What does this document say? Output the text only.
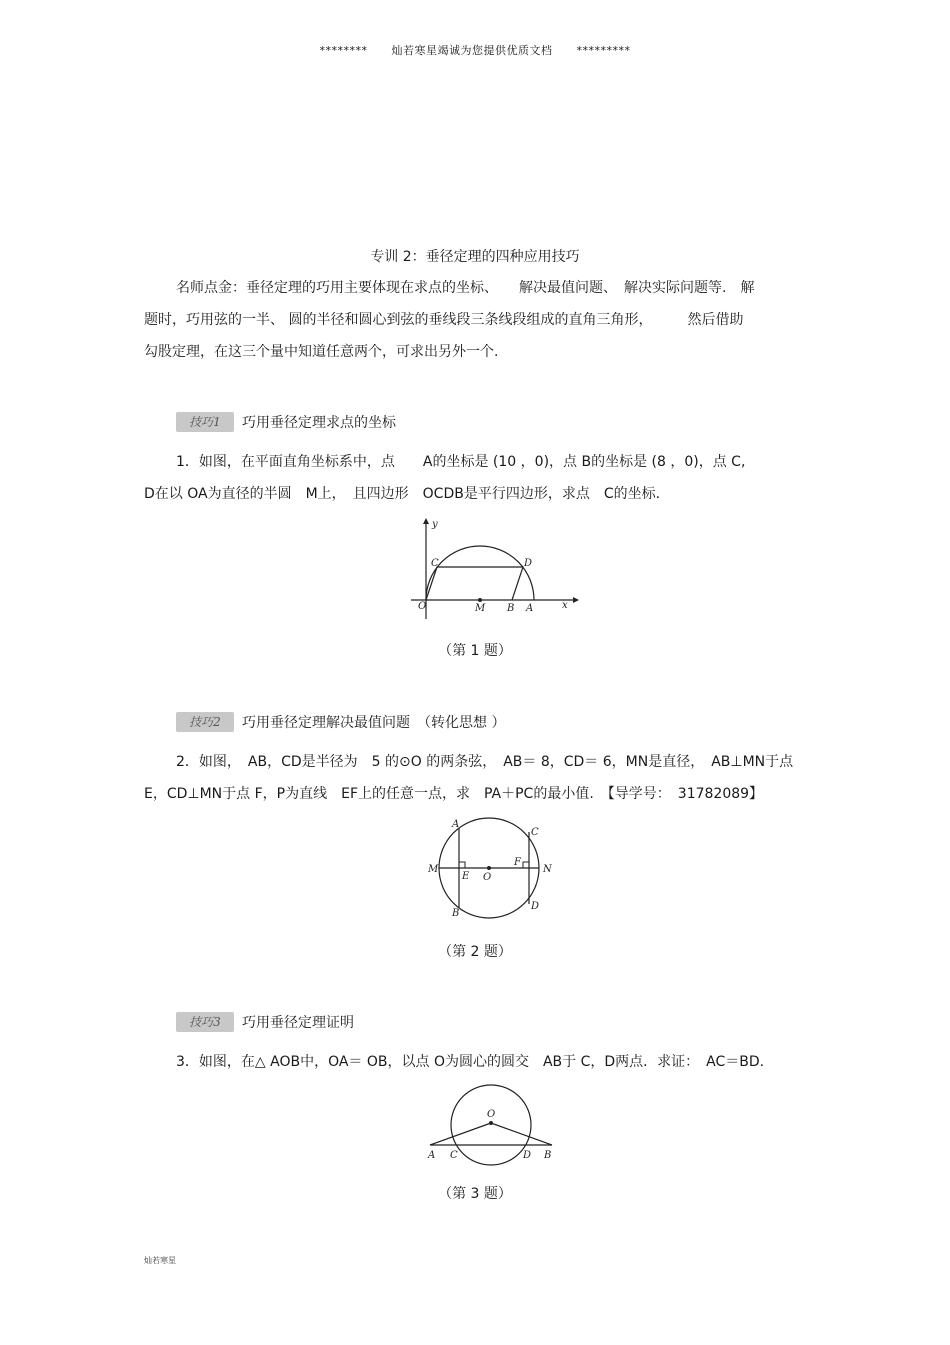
******** 灿若寒星竭诚为您提供优质文档 *********
专训 2：垂径定理的四种应用技巧
名师点金：垂径定理的巧用主要体现在求点的坐标、　　解决最值问题、　解决实际问题等.　解
题时，巧用弦的一半、 圆的半径和圆心到弦的垂线段三条线段组成的直角三角形，　　　然后借助
勾股定理，在这三个量中知道任意两个，可求出另外一个.
技巧1 巧用垂径定理求点的坐标
1．如图，在平面直角坐标系中，点　　A的坐标是 (10 ，0)，点 B的坐标是 (8 ，0)，点 C,
D在以 OA为直径的半圆　M上，　且四边形　OCDB是平行四边形，求点　C的坐标.
y
x
C	D
O	M B A
（第 1 题）
技巧2 巧用垂径定理解决最值问题　（转化思想 ）
2．如图，　AB，CD是半径为　5 的⊙O 的两条弦，　AB＝ 8，CD＝ 6，MN是直径，　AB⊥MN于点
E，CD⊥MN于点 F，P为直线　EF上的任意一点，求　PA＋PC的最小值.　【导学号：　31782089】
A
B
C
D
M	N
E
F
O
（第 2 题）
技巧3 巧用垂径定理证明
3．如图，在△ AOB中，OA＝ OB，以点 O为圆心的圆交　AB于 C，D两点．求证：　AC＝BD.
O
A C	D B
（第 3 题）
灿若寒星
